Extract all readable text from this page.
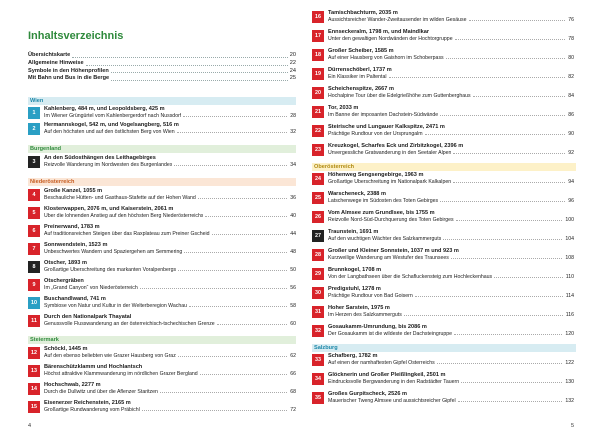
Inhaltsverzeichnis
Übersichtskarte	20
Allgemeine Hinweise	22
Symbole in den Höhenprofilen	24
Mit Bahn und Bus in die Berge	25
Wien
1
Kahlenberg, 484 m, und Leopoldsberg, 425 m
Im Wiener Grüngürtel vom Kahlenbergerdorf nach Nussdorf	28
2
Hermannskogel, 542 m, und Vogelsangberg, 516 m
Auf den höchsten und auf den östlichsten Berg von Wien	32
Burgenland
3
An den Südosthängen des Leithagebirges
Reizvolle Wanderung im Nordwesten des Burgenlandes	34
Niederösterreich
4
Große Kanzel, 1055 m
Beschauliche Hütten- und Gasthaus-Stafette auf der Hohen Wand	36
5
Klosterwappen, 2076 m, und Kaiserstein, 2061 m
Über die lohnenden Anstieg auf den höchsten Berg Niederösterreichs	40
6
Preinerwand, 1783 m
Auf traditionsreichen Steigen über das Raxplateau zum Preiner Gscheid	44
7
Sonnwendstein, 1523 m
Unbeschwertes Wandern und Spaziergehen am Semmering	48
8
Ötscher, 1893 m
Großartige Überschreitung des markanten Voralpenbergs	50
9
Ötschergräben
Im „Grand Canyon“ von Niederösterreich	56
10
Buschandlwand, 741 m
Symbiose von Natur und Kultur in der Welterberegion Wachau	58
11
Durch den Nationalpark Thayatal
Genussvolle Flusswanderung an der österreichisch-tschechischen Grenze	60
Steiermark
12
Schöckl, 1445 m
Auf den ebenso beliebten wie Grazer Hausberg von Graz	62
13
Bärenschützklamm und Hochlantsch
Höchst attraktive Klammwanderung im nördlichen Grazer Bergland	66
14
Hochschwab, 2277 m
Durch die Dullwitz und über die Aflenzer Staritzen	68
15
Eisenerzer Reichenstein, 2165 m
Großartige Rundwanderung vom Präbichl	72
4
16
Tamischbachturm, 2035 m
Aussichtsreicher Wander-Zweitausender im wilden Gesäuse	76
17
Ennseckeralm, 1798 m, und Maindlkar
Unter den gewaltigen Nordwänden der Hochtorgruppe	78
18
Großer Scheiber, 1585 m
Auf einer Hausberg von Gaishorn im Schoberpass	80
19
Dürrenschöberl, 1737 m
Ein Klassiker im Paltental	82
20
Scheichenspitze, 2667 m
Hochalpine Tour über die Edelgrießhöhe zum Guttenberghaus	84
21
Tor, 2033 m
Im Banne der imposanten Dachstein-Südwände	86
22
Steirische und Lungauer Kalkspitze, 2471 m
Prächtige Rundtour von der Ursprungalm	90
23
Kreuzkogel, Scharfes Eck und Zirbitzkogel, 2396 m
Unvergessliche Gratwanderung in den Seetaler Alpen	92
Oberösterreich
24
Höhenweg Sengsengebirge, 1963 m
Großartige Überschreitung im Nationalpark Kalkalpen	94
25
Warscheneck, 2388 m
Latschenwege im Südosten des Toten Gebirges	96
26
Vom Almsee zum Grundlsee, bis 1755 m
Reizvolle Nord-Süd-Durchquerung des Toten Gebirges	100
27
Traunstein, 1691 m
Auf den wuchtigen Wächter des Salzkammerguts	104
28
Großer und Kleiner Sonnstein, 1037 m und 923 m
Kurzweilige Wanderung am Westufer des Traunsees	108
29
Brunnkogel, 1708 m
Von der Langbathseen über die Schafluckensteig zum Hochleckenhaus	110
30
Predigstuhl, 1278 m
Prächtige Rundtour von Bad Goisern	114
31
Hoher Sarstein, 1975 m
Im Herzen des Salzkammerguts	116
32
Gosaukamm-Umrundung, bis 2086 m
Der Gosaukamm ist die wildeste der Dachsteingruppe	120
Salzburg
33
Schafberg, 1782 m
Auf einen der namhaftesten Gipfel Österreichs	122
34
Glöcknerin und Großer Pleißlingkeil, 2501 m
Eindrucksvolle Bergwanderung in den Radstädter Tauern	130
35
Großes Gurpitscheck, 2526 m
Mauerischer Tweng Almsee und aussichtsreicher Gipfel	132
5
